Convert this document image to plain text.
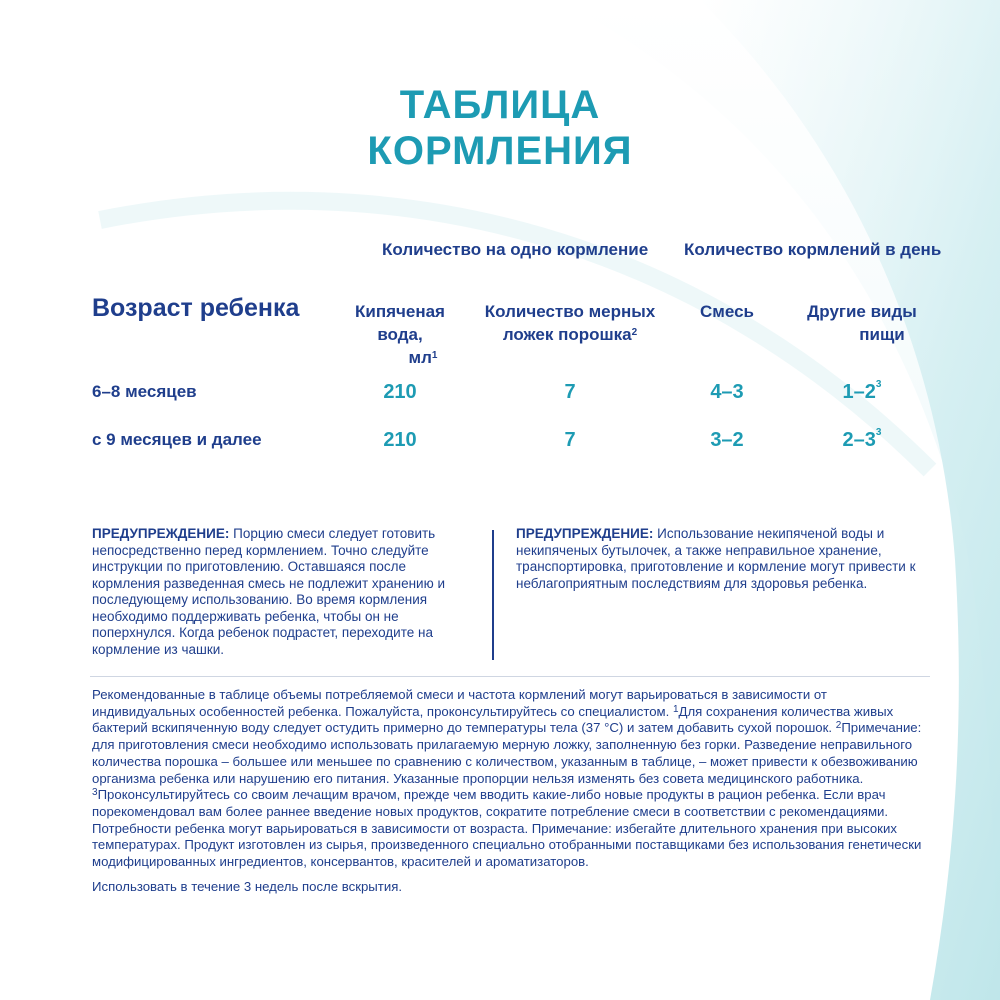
ТАБЛИЦА
КОРМЛЕНИЯ
Количество на одно кормление Количество кормлений в день
Возраст ребенка	Кипяченая вода,
$мл^1$
Количество мерных
ложек порошка$^2$
Смесь	Другие виды
пищи
6–8 месяцев	210	7	4–3	$1-2^3$
с 9 месяцев и далее	210	7	3–2	$2-3^3$
ПРЕДУПРЕЖДЕНИЕ: Порцию смеси следует готовить непосредственно перед кормлением. Точно следуйте инструкции по приготовлению. Оставшаяся после кормления разведенная смесь не подлежит хранению и последующему использованию. Во время кормления необходимо поддерживать ребенка, чтобы он не поперхнулся. Когда ребенок подрастет, переходите на кормление из чашки.
ПРЕДУПРЕЖДЕНИЕ: Использование некипяченой воды и некипяченых бутылочек, а также неправильное хранение, транспортировка, приготовление и кормление могут привести к неблагоприятным последствиям для здоровья ребенка.

Рекомендованные в таблице объемы потребляемой смеси и частота кормлений могут варьироваться в зависимости от индивидуальных особенностей ребенка. Пожалуйста, проконсультируйтесь со специалистом. $^1$Для сохранения количества живых бактерий вскипяченную воду следует остудить примерно до температуры тела (37 °С) и затем добавить сухой порошок. $^2$Примечание: для приготовления смеси необходимо использовать прилагаемую мерную ложку, заполненную без горки. Разведение неправильного количества порошка – большее или меньшее по сравнению с количеством, указанным в таблице, – может привести к обезвоживанию организма ребенка или нарушению его питания. Указанные пропорции нельзя изменять без совета медицинского работника. $^3$Проконсультируйтесь со своим лечащим врачом, прежде чем вводить какие-либо новые продукты в рацион ребенка. Если врач порекомендовал вам более раннее введение новых продуктов, сократите потребление смеси в соответствии с рекомендациями. Потребности ребенка могут варьироваться в зависимости от возраста. Примечание: избегайте длительного хранения при высоких температурах. Продукт изготовлен из сырья, произведенного специально отобранными поставщиками без использования генетически модифицированных ингредиентов, консервантов, красителей и ароматизаторов.

Использовать в течение 3 недель после вскрытия.
